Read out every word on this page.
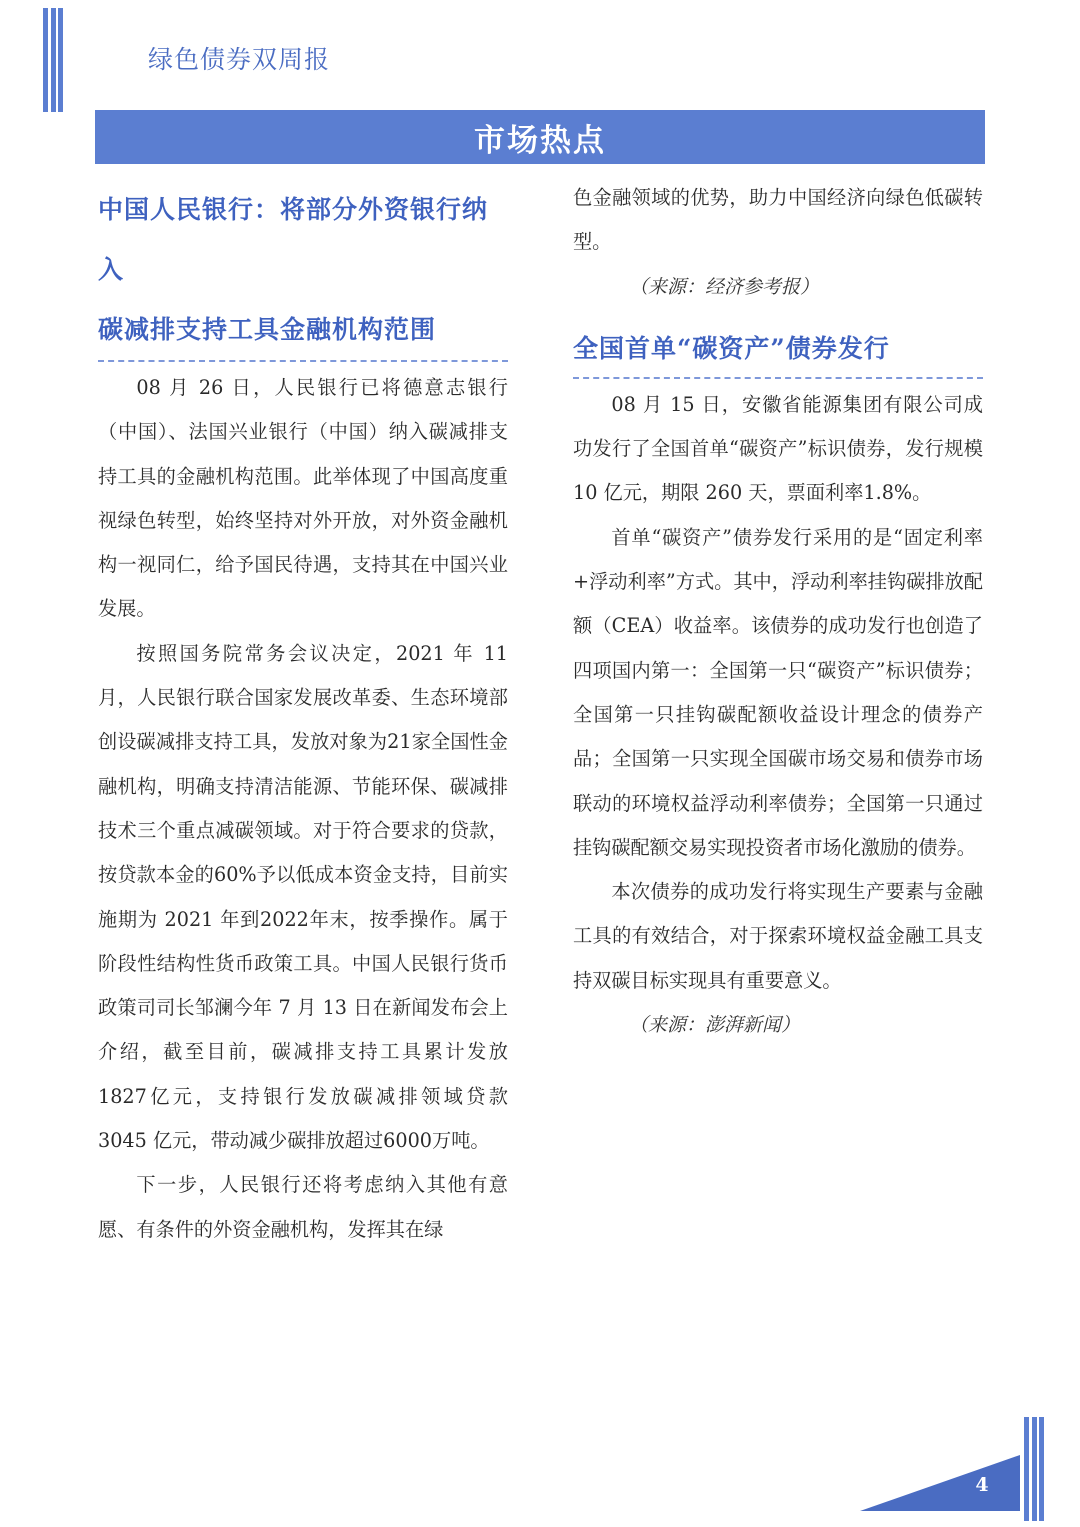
绿色债券双周报
市场热点
中国人民银行：将部分外资银行纳入
碳减排支持工具金融机构范围

08 月 26 日，人民银行已将德意志银行（中国）、法国兴业银行（中国）纳入碳减排支持工具的金融机构范围。此举体现了中国高度重视绿色转型，始终坚持对外开放，对外资金融机构一视同仁，给予国民待遇，支持其在中国兴业发展。

按照国务院常务会议决定，2021 年 11 月，人民银行联合国家发展改革委、生态环境部创设碳减排支持工具，发放对象为21家全国性金融机构，明确支持清洁能源、节能环保、碳减排技术三个重点减碳领域。对于符合要求的贷款，按贷款本金的60%予以低成本资金支持，目前实施期为 2021 年到2022年末，按季操作。属于阶段性结构性货币政策工具。中国人民银行货币政策司司长邹澜今年 7 月 13 日在新闻发布会上介绍，截至目前，碳减排支持工具累计发放1827亿元，支持银行发放碳减排领域贷款 3045 亿元，带动减少碳排放超过6000万吨。

下一步，人民银行还将考虑纳入其他有意愿、有条件的外资金融机构，发挥其在绿

色金融领域的优势，助力中国经济向绿色低碳转型。

（来源：经济参考报）

全国首单“碳资产”债券发行

08 月 15 日，安徽省能源集团有限公司成功发行了全国首单“碳资产”标识债券，发行规模 10 亿元，期限 260 天，票面利率1.8%。

首单“碳资产”债券发行采用的是“固定利率+浮动利率”方式。其中，浮动利率挂钩碳排放配额（CEA）收益率。该债券的成功发行也创造了四项国内第一：全国第一只“碳资产”标识债券；全国第一只挂钩碳配额收益设计理念的债券产品；全国第一只实现全国碳市场交易和债券市场联动的环境权益浮动利率债券；全国第一只通过挂钩碳配额交易实现投资者市场化激励的债券。

本次债券的成功发行将实现生产要素与金融工具的有效结合，对于探索环境权益金融工具支持双碳目标实现具有重要意义。

（来源：澎湃新闻）

4
